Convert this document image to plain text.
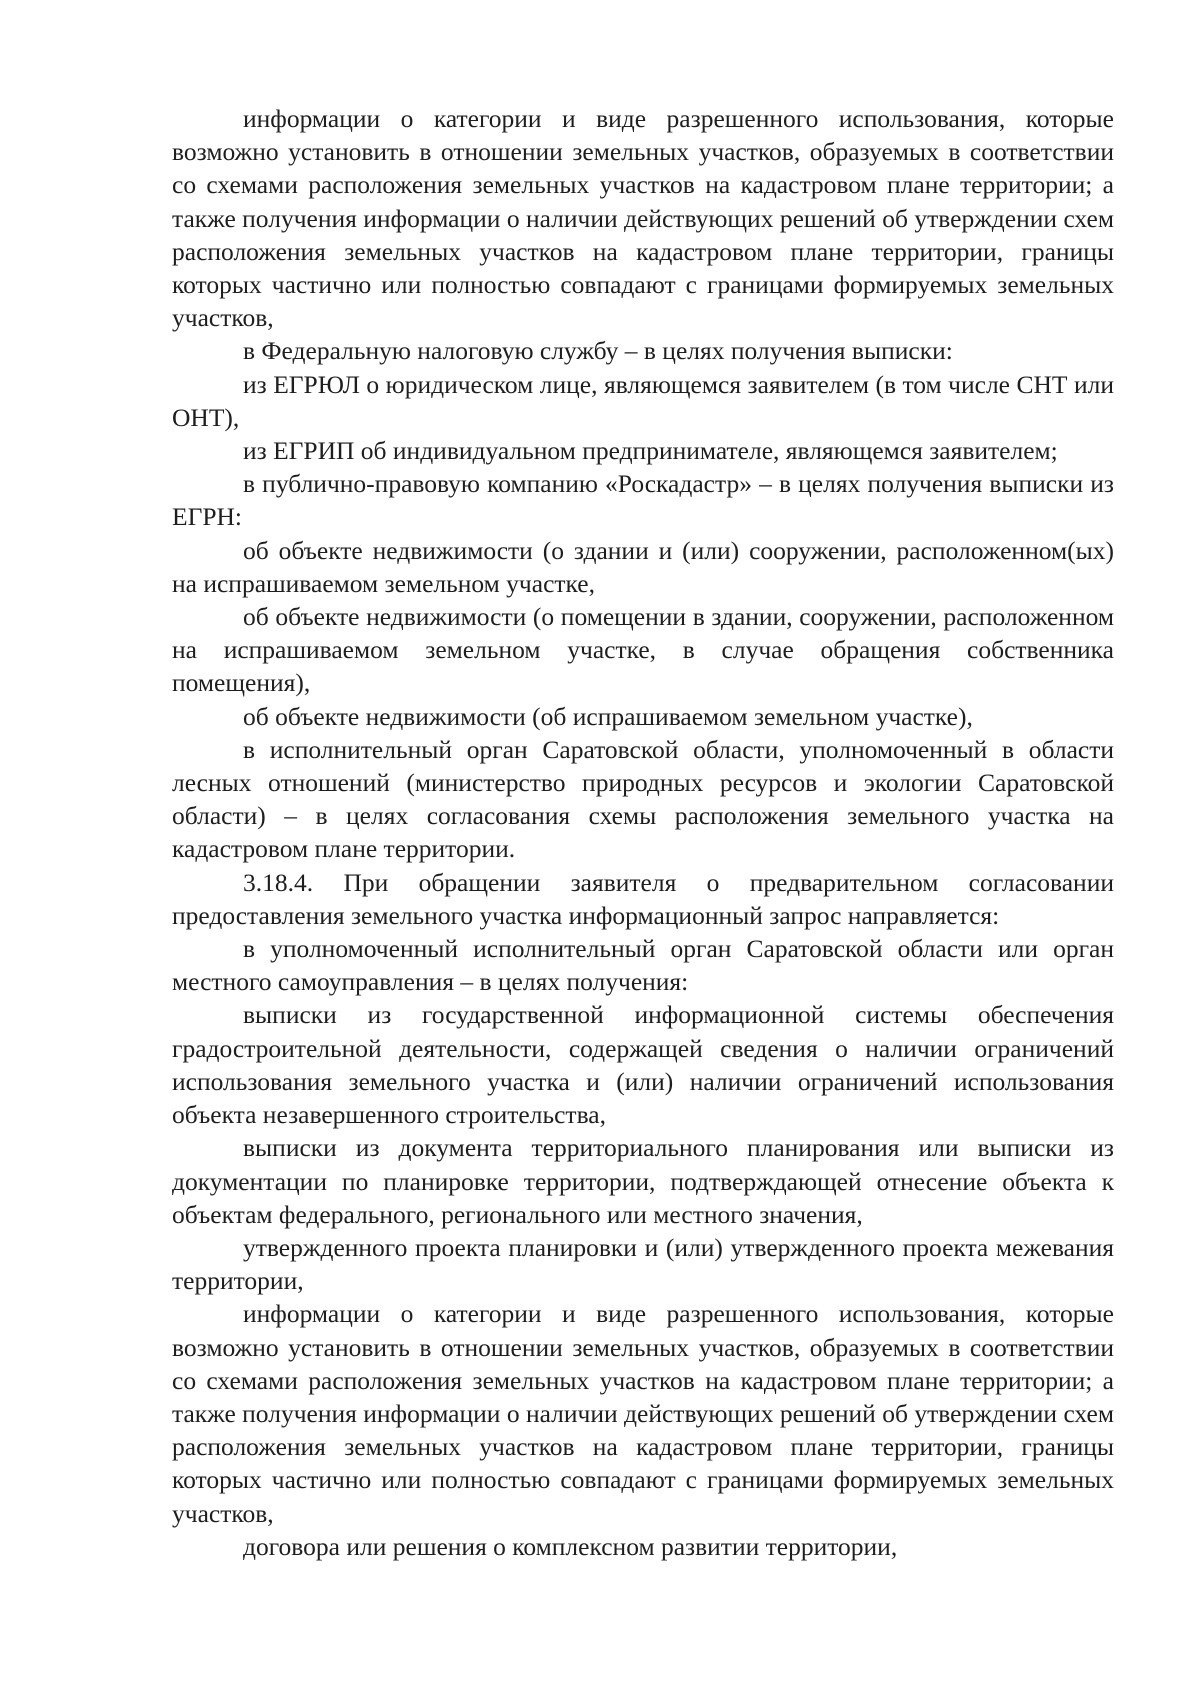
информации о категории и виде разрешенного использования, которые возможно установить в отношении земельных участков, образуемых в соответствии со схемами расположения земельных участков на кадастровом плане территории; а также получения информации о наличии действующих решений об утверждении схем расположения земельных участков на кадастровом плане территории, границы которых частично или полностью совпадают с границами формируемых земельных участков,

в Федеральную налоговую службу – в целях получения выписки:

из ЕГРЮЛ о юридическом лице, являющемся заявителем (в том числе СНТ или ОНТ),

из ЕГРИП об индивидуальном предпринимателе, являющемся заявителем;

в публично-правовую компанию «Роскадастр» – в целях получения выписки из ЕГРН:

об объекте недвижимости (о здании и (или) сооружении, расположенном(ых) на испрашиваемом земельном участке,

об объекте недвижимости (о помещении в здании, сооружении, расположенном на испрашиваемом земельном участке, в случае обращения собственника помещения),

об объекте недвижимости (об испрашиваемом земельном участке),

в исполнительный орган Саратовской области, уполномоченный в области лесных отношений (министерство природных ресурсов и экологии Саратовской области) – в целях согласования схемы расположения земельного участка на кадастровом плане территории.

3.18.4. При обращении заявителя о предварительном согласовании предоставления земельного участка информационный запрос направляется:

в уполномоченный исполнительный орган Саратовской области или орган местного самоуправления – в целях получения:

выписки из государственной информационной системы обеспечения градостроительной деятельности, содержащей сведения о наличии ограничений использования земельного участка и (или) наличии ограничений использования объекта незавершенного строительства,

выписки из документа территориального планирования или выписки из документации по планировке территории, подтверждающей отнесение объекта к объектам федерального, регионального или местного значения,

утвержденного проекта планировки и (или) утвержденного проекта межевания территории,

информации о категории и виде разрешенного использования, которые возможно установить в отношении земельных участков, образуемых в соответствии со схемами расположения земельных участков на кадастровом плане территории; а также получения информации о наличии действующих решений об утверждении схем расположения земельных участков на кадастровом плане территории, границы которых частично или полностью совпадают с границами формируемых земельных участков,

договора или решения о комплексном развитии территории,
